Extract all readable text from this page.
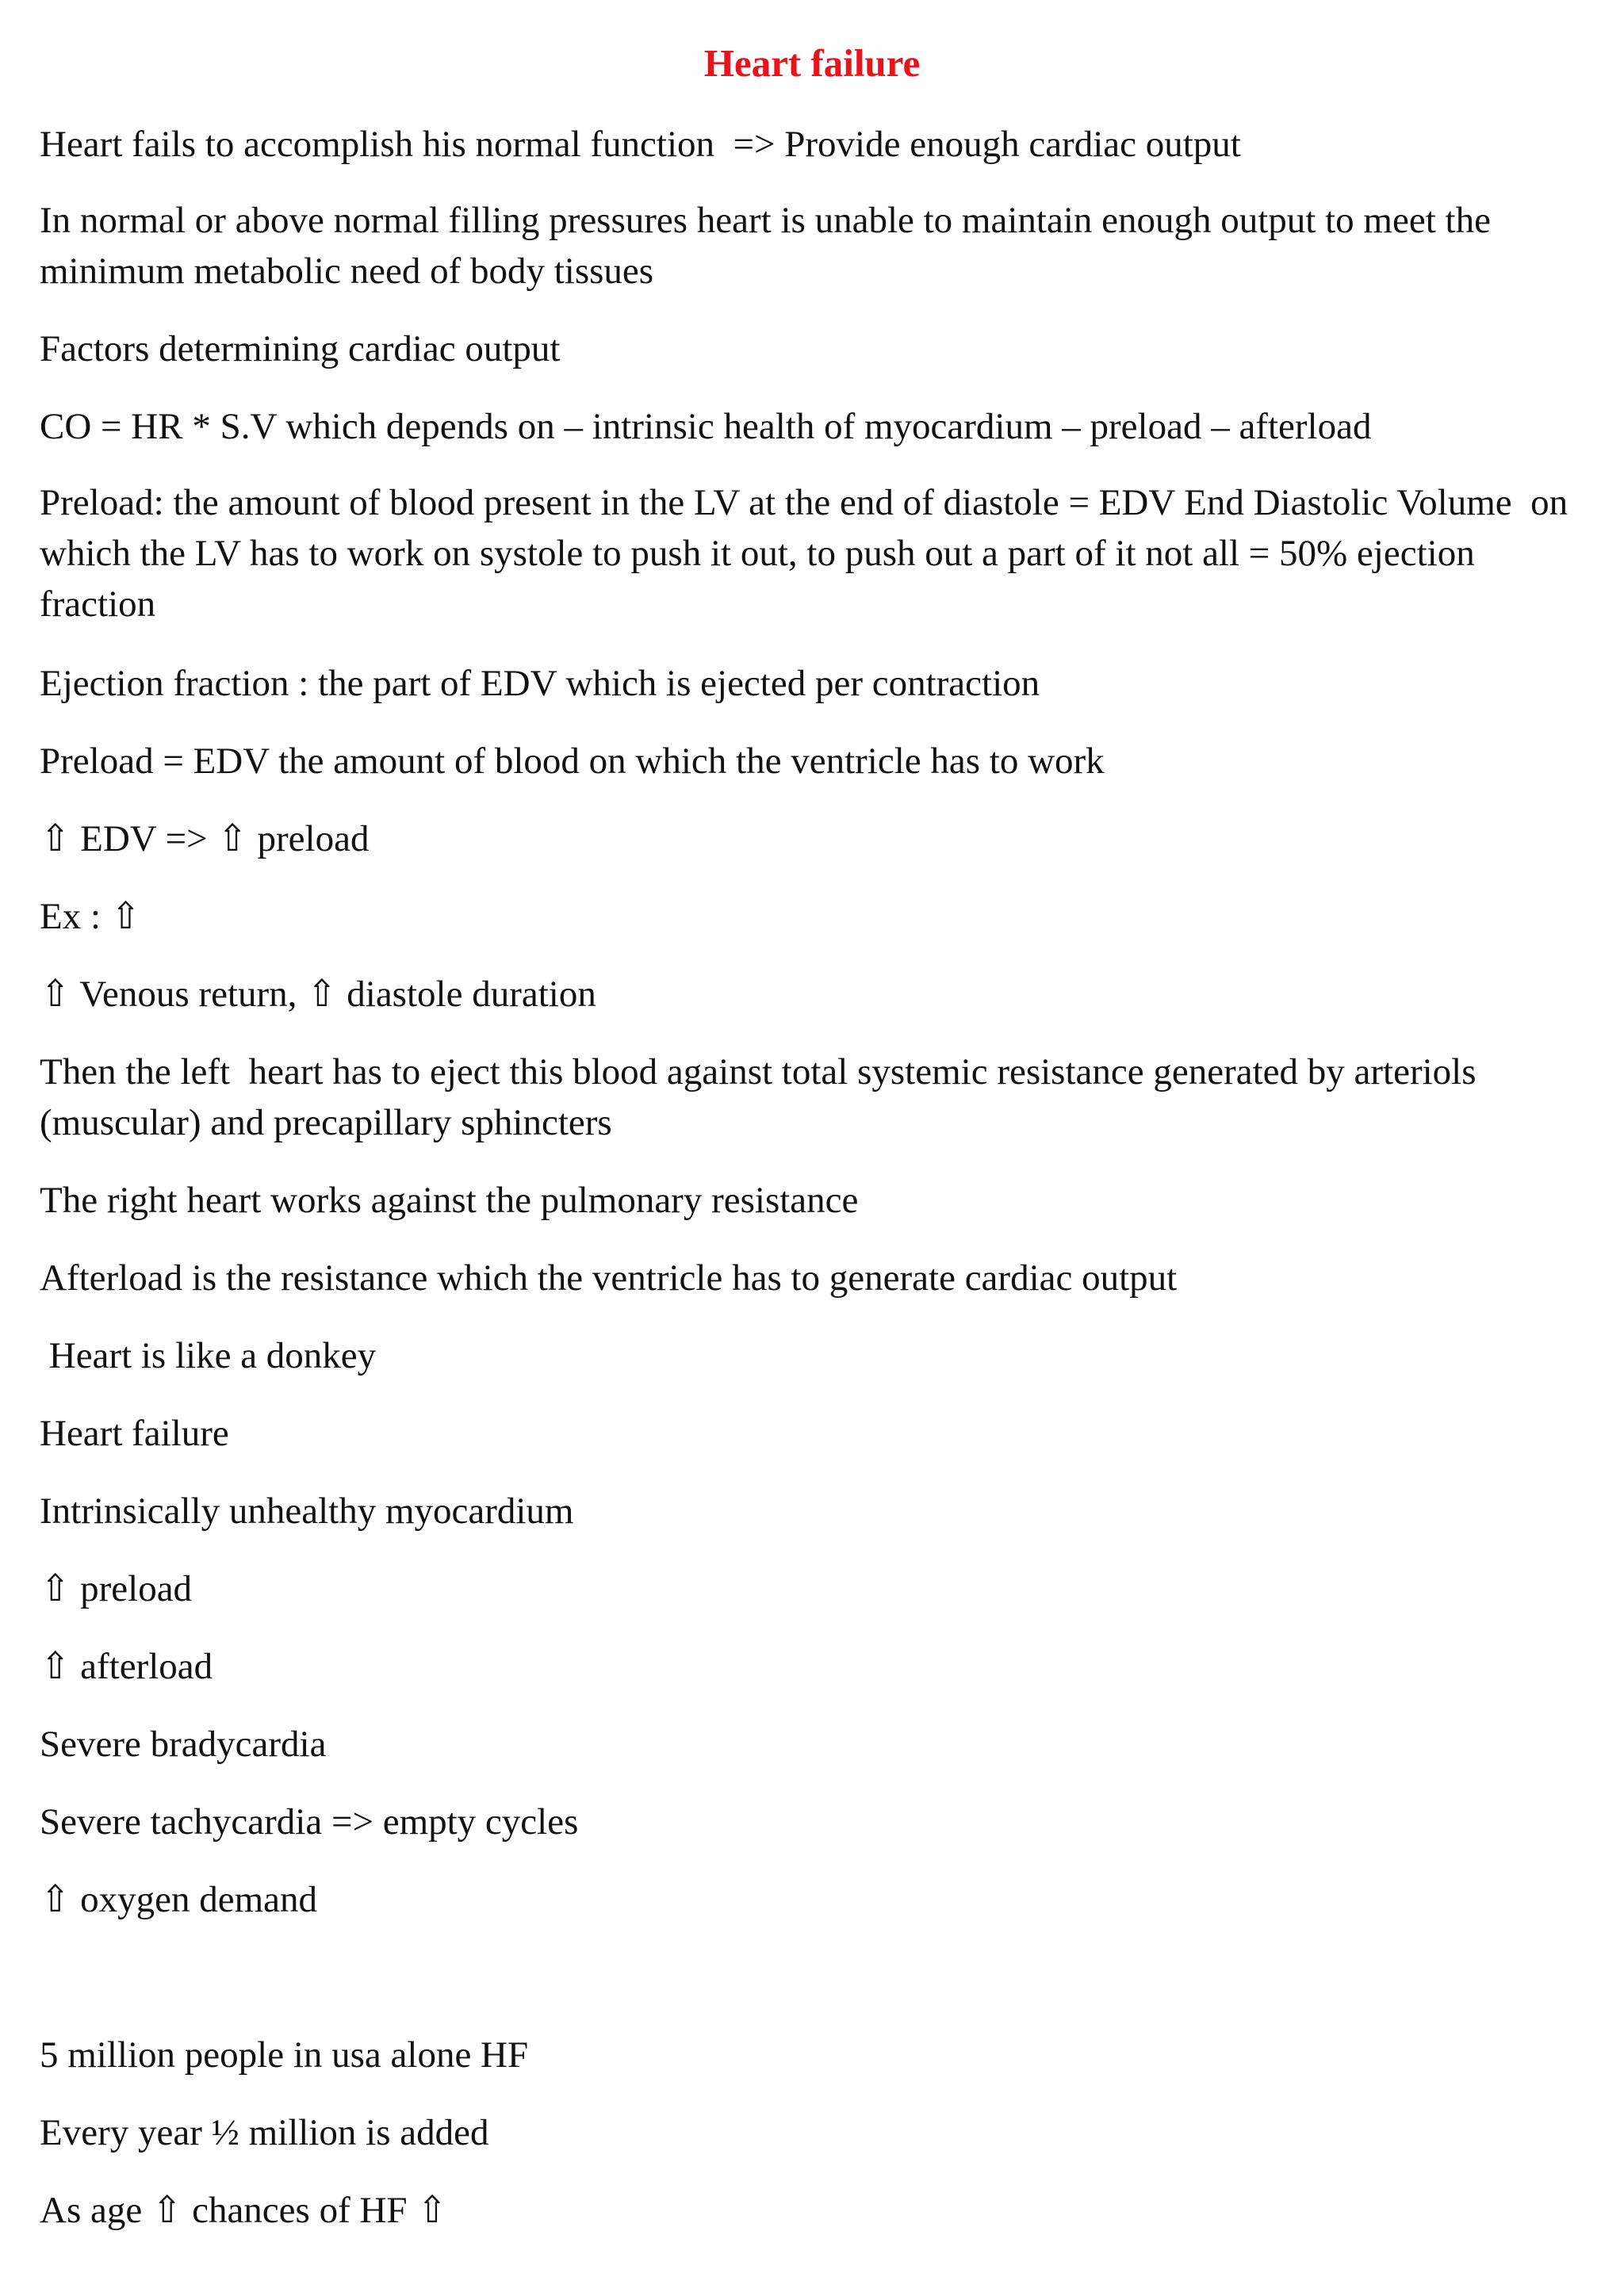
Heart failure
Heart fails to accomplish his normal function  => Provide enough cardiac output
In normal or above normal filling pressures heart is unable to maintain enough output to meet the minimum metabolic need of body tissues
Factors determining cardiac output
CO = HR * S.V which depends on – intrinsic health of myocardium – preload – afterload
Preload: the amount of blood present in the LV at the end of diastole = EDV End Diastolic Volume  on which the LV has to work on systole to push it out, to push out a part of it not all = 50% ejection fraction
Ejection fraction : the part of EDV which is ejected per contraction
Preload = EDV the amount of blood on which the ventricle has to work
⇧ EDV => ⇧ preload
Ex : ⇧
⇧ Venous return, ⇧ diastole duration
Then the left  heart has to eject this blood against total systemic resistance generated by arteriols (muscular) and precapillary sphincters
The right heart works against the pulmonary resistance
Afterload is the resistance which the ventricle has to generate cardiac output
Heart is like a donkey
Heart failure
Intrinsically unhealthy myocardium
⇧ preload
⇧ afterload
Severe bradycardia
Severe tachycardia => empty cycles
⇧ oxygen demand
5 million people in usa alone HF
Every year ½ million is added
As age ⇧ chances of HF ⇧
